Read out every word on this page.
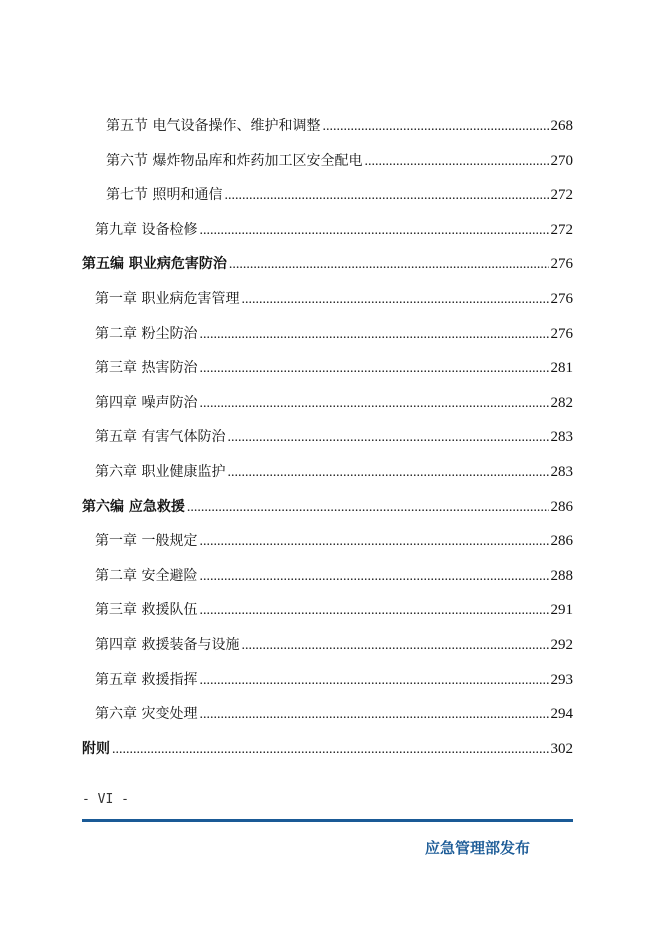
第五节 电气设备操作、维护和调整 .....	268
第六节 爆炸物品库和炸药加工区安全配电 .....	270
第七节 照明和通信 .....	272
第九章 设备检修 .....	272
第五编 职业病危害防治 .....	276
第一章 职业病危害管理 .....	276
第二章 粉尘防治 .....	276
第三章 热害防治 .....	281
第四章 噪声防治 .....	282
第五章 有害气体防治 .....	283
第六章 职业健康监护 .....	283
第六编 应急救援 .....	286
第一章 一般规定 .....	286
第二章 安全避险 .....	288
第三章 救援队伍 .....	291
第四章 救援装备与设施 .....	292
第五章 救援指挥 .....	293
第六章 灾变处理 .....	294
附则 .....	302
- VI -
应急管理部发布
